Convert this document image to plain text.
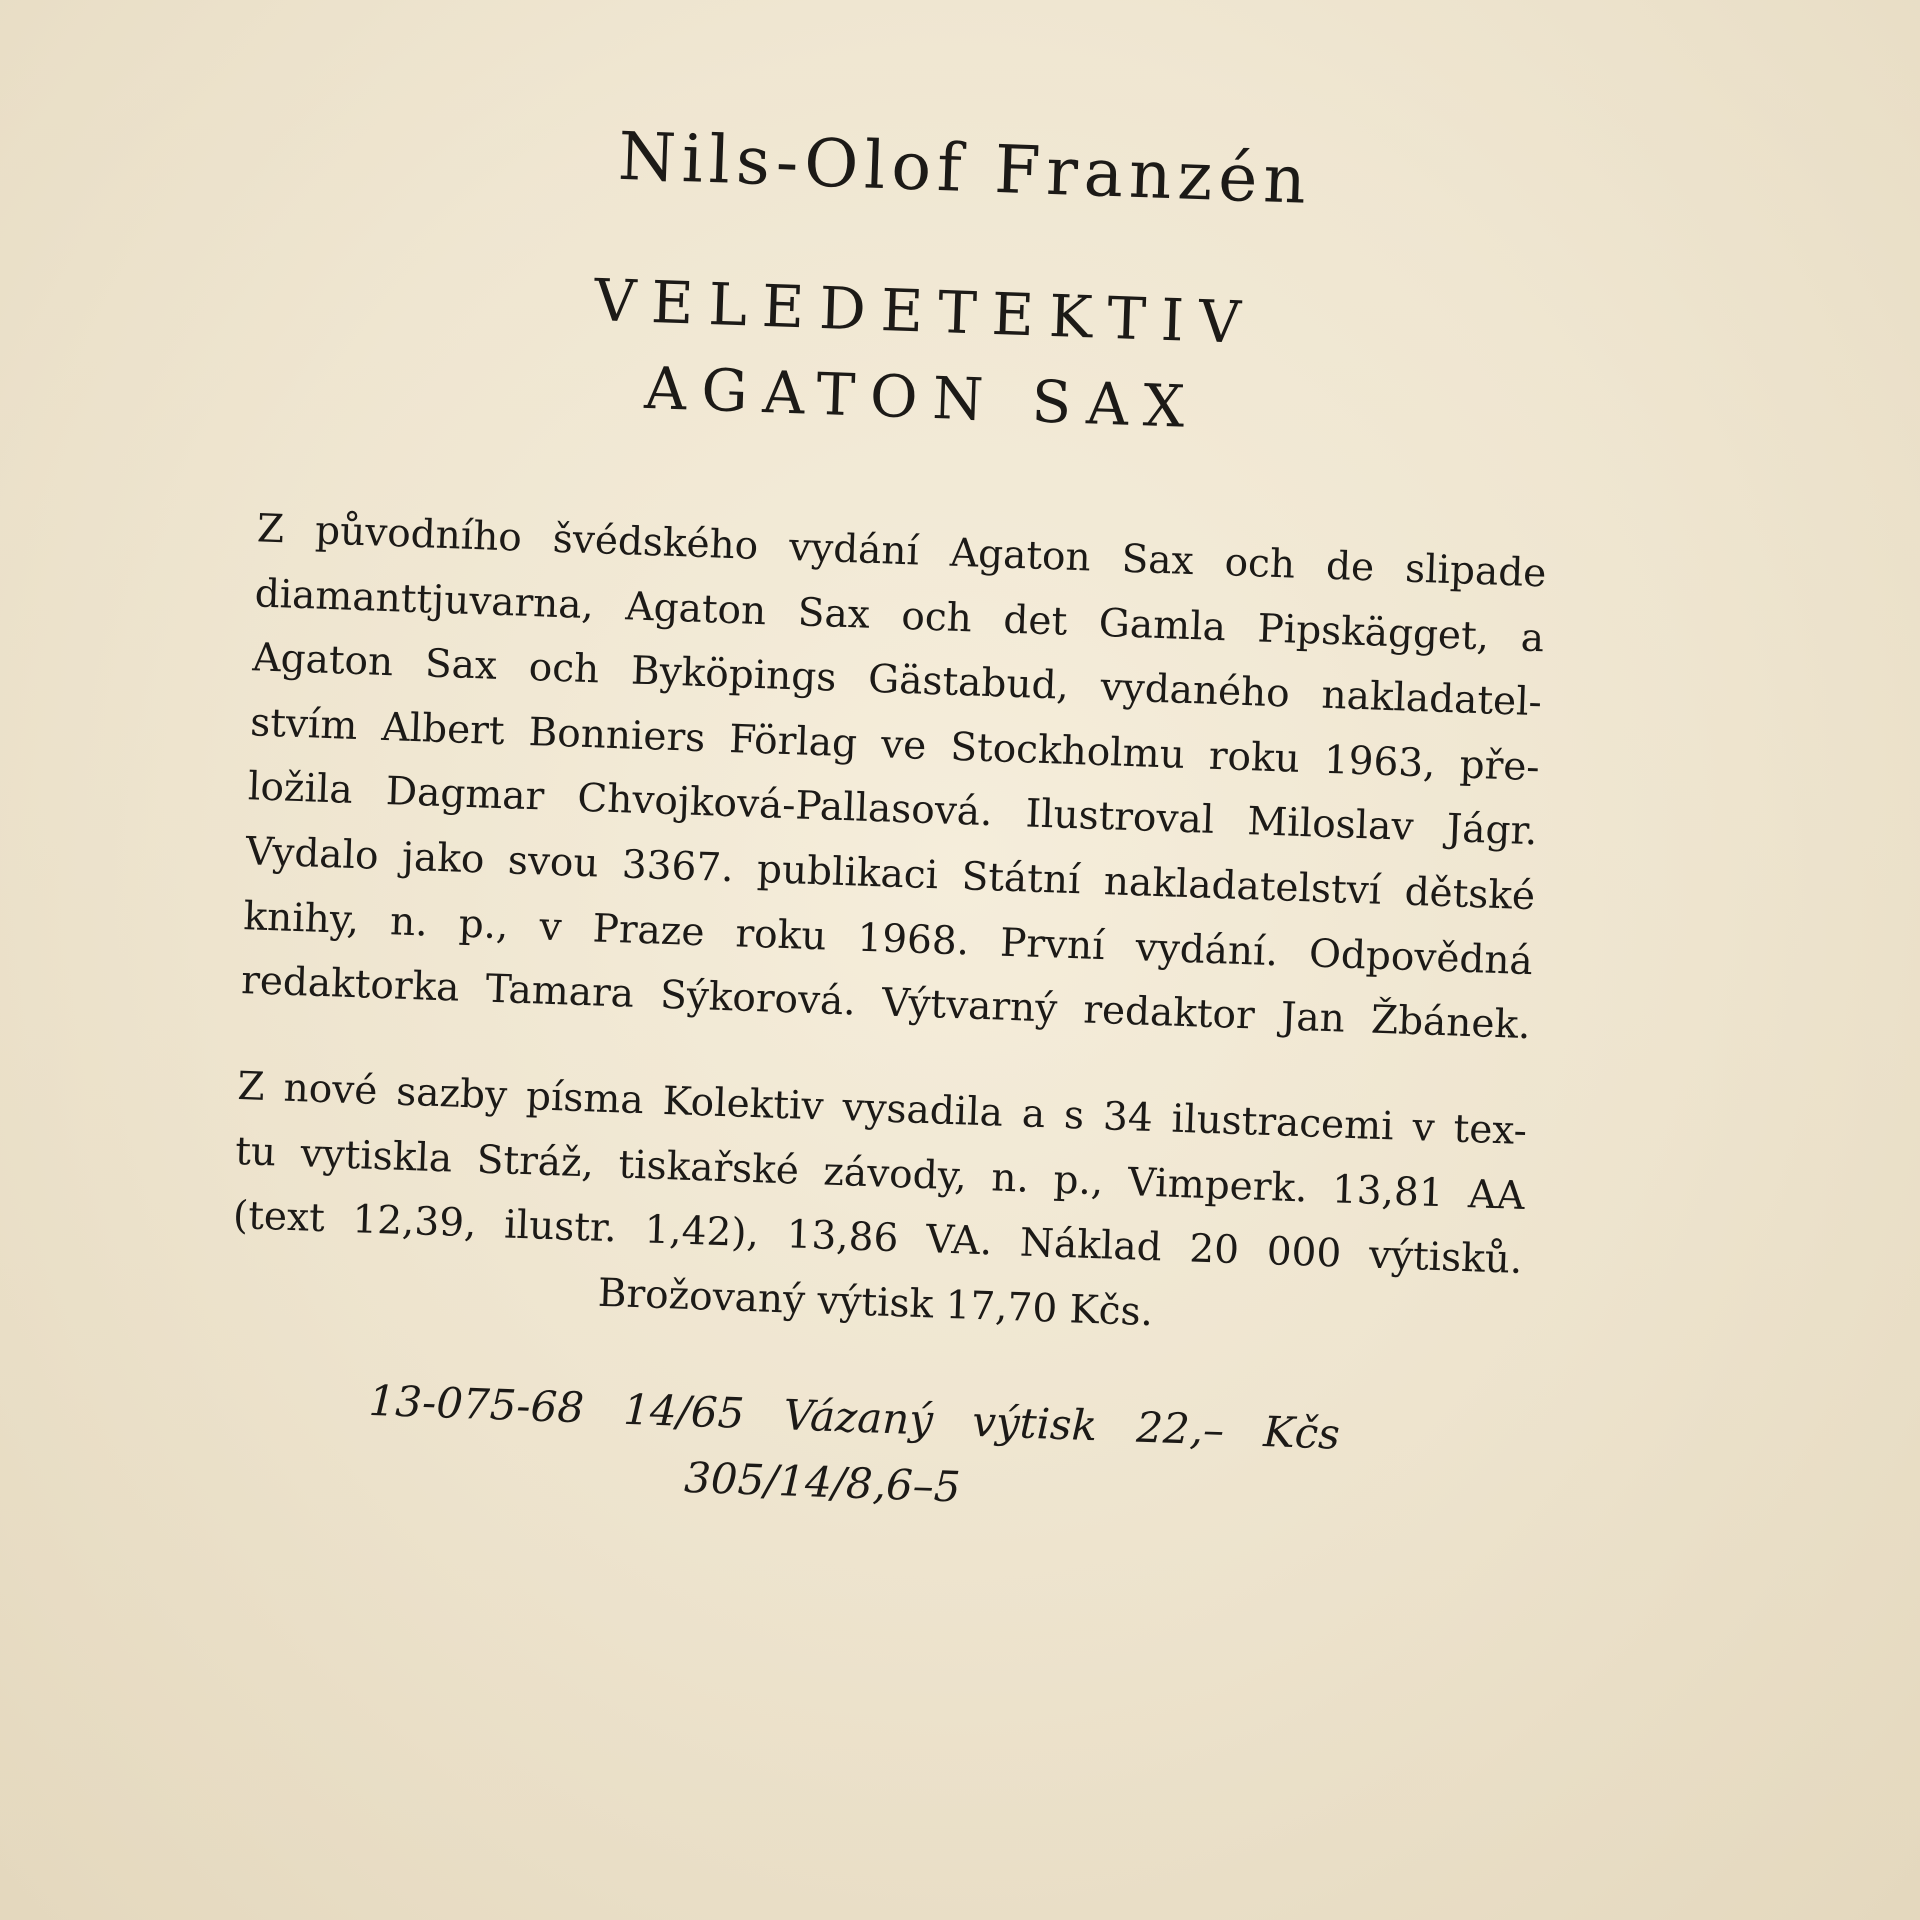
Nils-Olof Franzén
VELEDETEKTIV
AGATON SAX

Z původního švédského vydání Agaton Sax och de slipade
diamanttjuvarna, Agaton Sax och det Gamla Pipskägget, a
Agaton Sax och Byköpings Gästabud, vydaného nakladatel-
stvím Albert Bonniers Förlag ve Stockholmu roku 1963, pře-
ložila Dagmar Chvojková-Pallasová. Ilustroval Miloslav Jágr.
Vydalo jako svou 3367. publikaci Státní nakladatelství dětské
knihy, n. p., v Praze roku 1968. První vydání. Odpovědná
redaktorka Tamara Sýkorová. Výtvarný redaktor Jan Žbánek.

Z nové sazby písma Kolektiv vysadila a s 34 ilustracemi v tex-
tu vytiskla Stráž, tiskařské závody, n. p., Vimperk. 13,81 AA
(text 12,39, ilustr. 1,42), 13,86 VA. Náklad 20 000 výtisků.
Brožovaný výtisk 17,70 Kčs.

13-075-68 14/65 Vázaný výtisk 22,– Kčs
305/14/8,6–5
